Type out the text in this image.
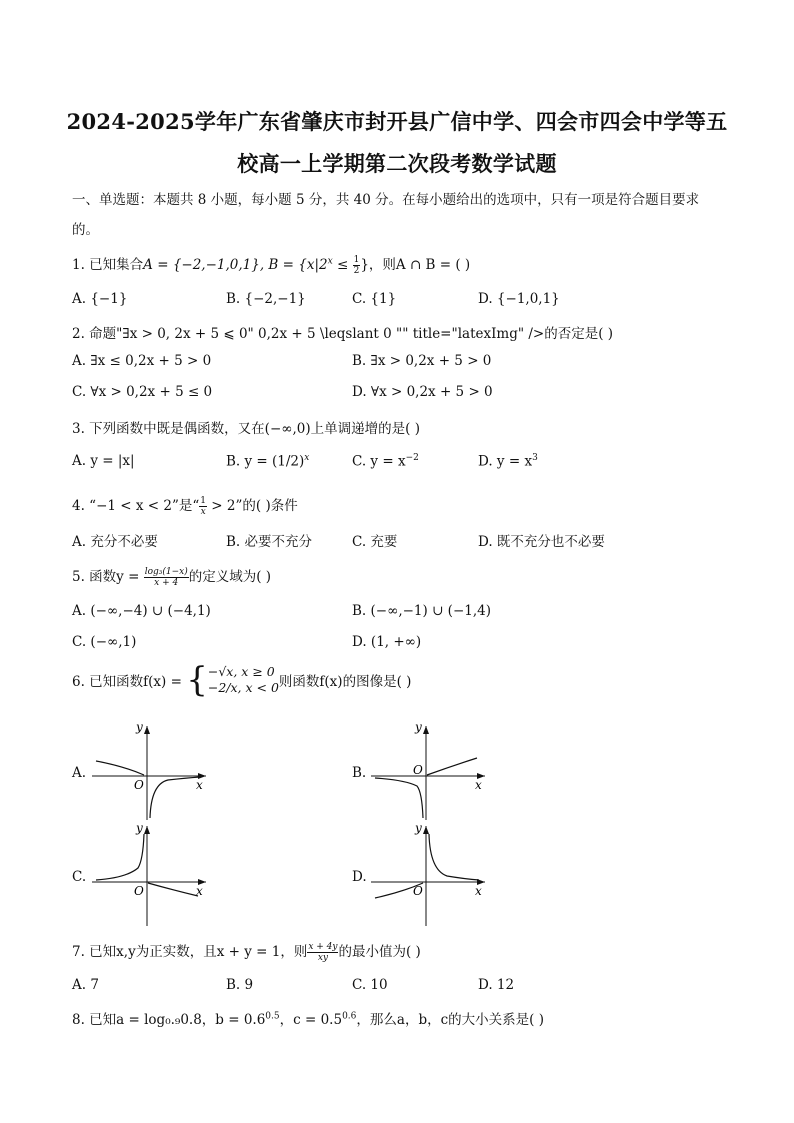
2024-2025学年广东省肇庆市封开县广信中学、四会市四会中学等五
校高一上学期第二次段考数学试题
一、单选题：本题共 8 小题，每小题 5 分，共 40 分。在每小题给出的选项中，只有一项是符合题目要求
的。
1. 已知集合A = {−2,−1,0,1}, $B = \{x|2^x \le \frac{1}{2}$ }，则A ∩ B = ( )
A. {−1}	B. {−2,−1}	C. {1}	D. {−1,0,1}
2. 命题"∃x > 0, 2x + 5 ⩽ 0" 0,2x + 5 \leqslant 0 "" title="latexImg" />的否定是( )
A. ∃x ≤ 0,2x + 5 > 0	B. ∃x > 0,2x + 5 > 0
C. ∀x > 0,2x + 5 ≤ 0	D. ∀x > 0,2x + 5 > 0
3. 下列函数中既是偶函数，又在(−∞,0)上单调递增的是( )
A. y = |x|	B. $y = (1/2)^x$	C. $y = x^{-2}$	D. $y = x^3$
4. “−1 < x < 2”是“ $\frac{1}{x} > 2$”的( )条件
A. 充分不必要	B. 必要不充分	C. 充要	D. 既不充分也不必要
5. 函数$y = \frac{\text{log₃(1−x)}}{x + 4}$ 的定义域为( )
A. (−∞,−4) ∪ (−4,1)	B. (−∞,−1) ∪ (−1,4)
C. (−∞,1)	D. (1, +∞)
6. 已知函数f(x) = { −√x, x ≥ 0
−2/x, x < 0 则函数f(x)的图像是( )
A.
y
x
O
B.
y
x
O
C.
y
x
O
D.
y
x
O
7. 已知x,y为正实数，且x + y = 1，则 $\frac{x + 4y}{xy}$ 的最小值为( )
A. 7	B. 9	C. 10	D. 12
8. 已知a = log₀.₉0.8，$b = 0.6^{0.5}$，$c = 0.5^{0.6}$，那么a，b，c的大小关系是( )
